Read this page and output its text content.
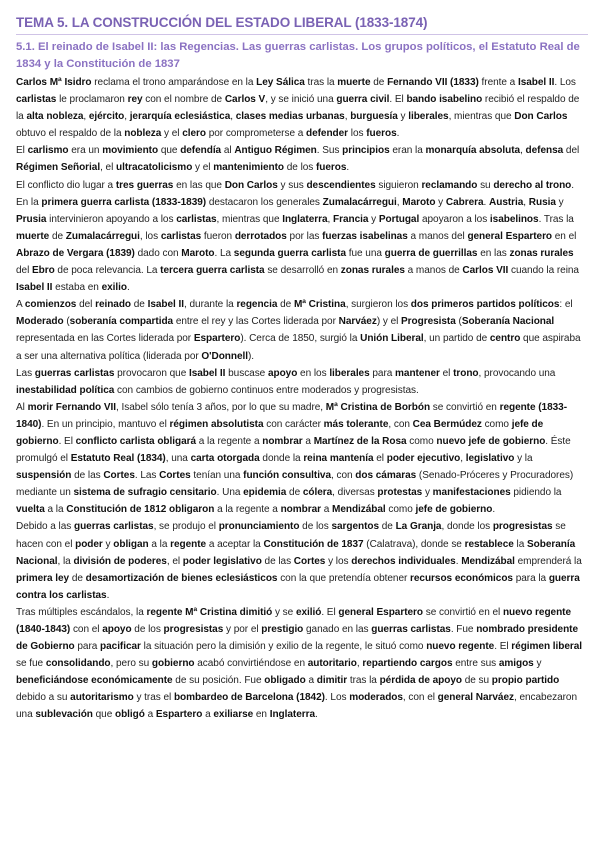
TEMA 5. LA CONSTRUCCIÓN DEL ESTADO LIBERAL (1833-1874)
5.1. El reinado de Isabel II: las Regencias. Las guerras carlistas. Los grupos políticos, el Estatuto Real de 1834 y la Constitución de 1837

Carlos Mª Isidro reclama el trono amparándose en la Ley Sálica tras la muerte de Fernando VII (1833) frente a Isabel II. Los carlistas le proclamaron rey con el nombre de Carlos V, y se inició una guerra civil. El bando isabelino recibió el respaldo de la alta nobleza, ejército, jerarquía eclesiástica, clases medias urbanas, burguesía y liberales, mientras que Don Carlos obtuvo el respaldo de la nobleza y el clero por comprometerse a defender los fueros.

El carlismo era un movimiento que defendía al Antiguo Régimen. Sus principios eran la monarquía absoluta, defensa del Régimen Señorial, el ultracatolicismo y el mantenimiento de los fueros.

El conflicto dio lugar a tres guerras en las que Don Carlos y sus descendientes siguieron reclamando su derecho al trono. En la primera guerra carlista (1833-1839) destacaron los generales Zumalacárregui, Maroto y Cabrera. Austria, Rusia y Prusia intervinieron apoyando a los carlistas, mientras que Inglaterra, Francia y Portugal apoyaron a los isabelinos. Tras la muerte de Zumalacárregui, los carlistas fueron derrotados por las fuerzas isabelinas a manos del general Espartero en el Abrazo de Vergara (1839) dado con Maroto. La segunda guerra carlista fue una guerra de guerrillas en las zonas rurales del Ebro de poca relevancia. La tercera guerra carlista se desarrolló en zonas rurales a manos de Carlos VII cuando la reina Isabel II estaba en exilio.

A comienzos del reinado de Isabel II, durante la regencia de Mª Cristina, surgieron los dos primeros partidos políticos: el Moderado (soberanía compartida entre el rey y las Cortes liderada por Narváez) y el Progresista (Soberanía Nacional representada en las Cortes liderada por Espartero). Cerca de 1850, surgió la Unión Liberal, un partido de centro que aspiraba a ser una alternativa política (liderada por O'Donnell).

Las guerras carlistas provocaron que Isabel II buscase apoyo en los liberales para mantener el trono, provocando una inestabilidad política con cambios de gobierno continuos entre moderados y progresistas.

Al morir Fernando VII, Isabel sólo tenía 3 años, por lo que su madre, Mª Cristina de Borbón se convirtió en regente (1833-1840). En un principio, mantuvo el régimen absolutista con carácter más tolerante, con Cea Bermúdez como jefe de gobierno. El conflicto carlista obligará a la regente a nombrar a Martínez de la Rosa como nuevo jefe de gobierno. Éste promulgó el Estatuto Real (1834), una carta otorgada donde la reina mantenía el poder ejecutivo, legislativo y la suspensión de las Cortes. Las Cortes tenían una función consultiva, con dos cámaras (Senado-Próceres y Procuradores) mediante un sistema de sufragio censitario. Una epidemia de cólera, diversas protestas y manifestaciones pidiendo la vuelta a la Constitución de 1812 obligaron a la regente a nombrar a Mendizábal como jefe de gobierno.

Debido a las guerras carlistas, se produjo el pronunciamiento de los sargentos de La Granja, donde los progresistas se hacen con el poder y obligan a la regente a aceptar la Constitución de 1837 (Calatrava), donde se restablece la Soberanía Nacional, la división de poderes, el poder legislativo de las Cortes y los derechos individuales. Mendizábal emprenderá la primera ley de desamortización de bienes eclesiásticos con la que pretendía obtener recursos económicos para la guerra contra los carlistas.

Tras múltiples escándalos, la regente Mª Cristina dimitió y se exilió. El general Espartero se convirtió en el nuevo regente (1840-1843) con el apoyo de los progresistas y por el prestigio ganado en las guerras carlistas. Fue nombrado presidente de Gobierno para pacificar la situación pero la dimisión y exilio de la regente, le situó como nuevo regente. El régimen liberal se fue consolidando, pero su gobierno acabó convirtiéndose en autoritario, repartiendo cargos entre sus amigos y beneficiándose económicamente de su posición. Fue obligado a dimitir tras la pérdida de apoyo de su propio partido debido a su autoritarismo y tras el bombardeo de Barcelona (1842). Los moderados, con el general Narváez, encabezaron una sublevación que obligó a Espartero a exiliarse en Inglaterra.
